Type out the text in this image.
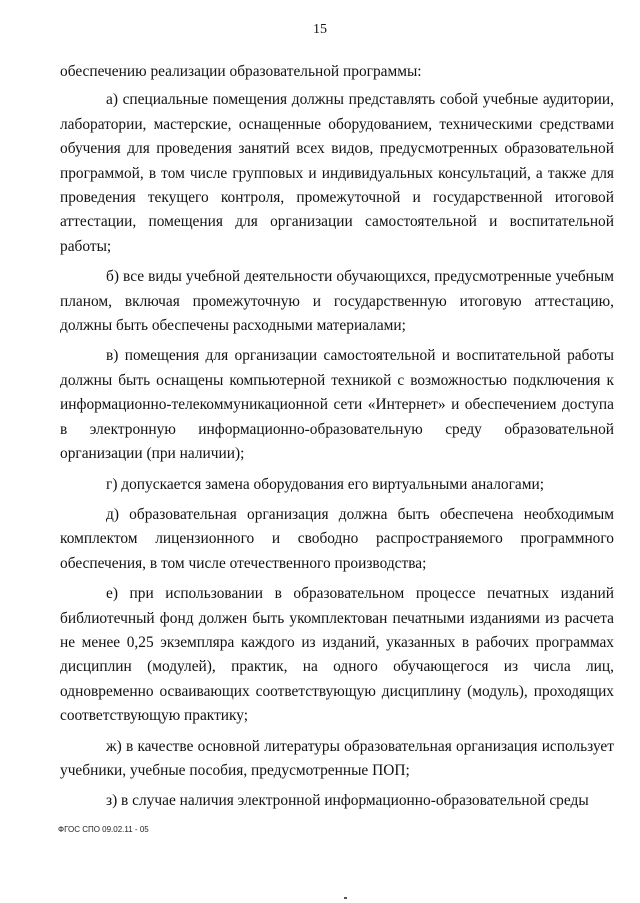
15

обеспечению реализации образовательной программы:

а) специальные помещения должны представлять собой учебные аудитории, лаборатории, мастерские, оснащенные оборудованием, техническими средствами обучения для проведения занятий всех видов, предусмотренных образовательной программой, в том числе групповых и индивидуальных консультаций, а также для проведения текущего контроля, промежуточной и государственной итоговой аттестации, помещения для организации самостоятельной и воспитательной работы;

б) все виды учебной деятельности обучающихся, предусмотренные учебным планом, включая промежуточную и государственную итоговую аттестацию, должны быть обеспечены расходными материалами;

в) помещения для организации самостоятельной и воспитательной работы должны быть оснащены компьютерной техникой с возможностью подключения к информационно-телекоммуникационной сети «Интернет» и обеспечением доступа в электронную информационно-образовательную среду образовательной организации (при наличии);

г) допускается замена оборудования его виртуальными аналогами;

д) образовательная организация должна быть обеспечена необходимым комплектом лицензионного и свободно распространяемого программного обеспечения, в том числе отечественного производства;

е) при использовании в образовательном процессе печатных изданий библиотечный фонд должен быть укомплектован печатными изданиями из расчета не менее 0,25 экземпляра каждого из изданий, указанных в рабочих программах дисциплин (модулей), практик, на одного обучающегося из числа лиц, одновременно осваивающих соответствующую дисциплину (модуль), проходящих соответствующую практику;

ж) в качестве основной литературы образовательная организация использует учебники, учебные пособия, предусмотренные ПОП;

з) в случае наличия электронной информационно-образовательной среды

ФГОС СПО 09.02.11 - 05
